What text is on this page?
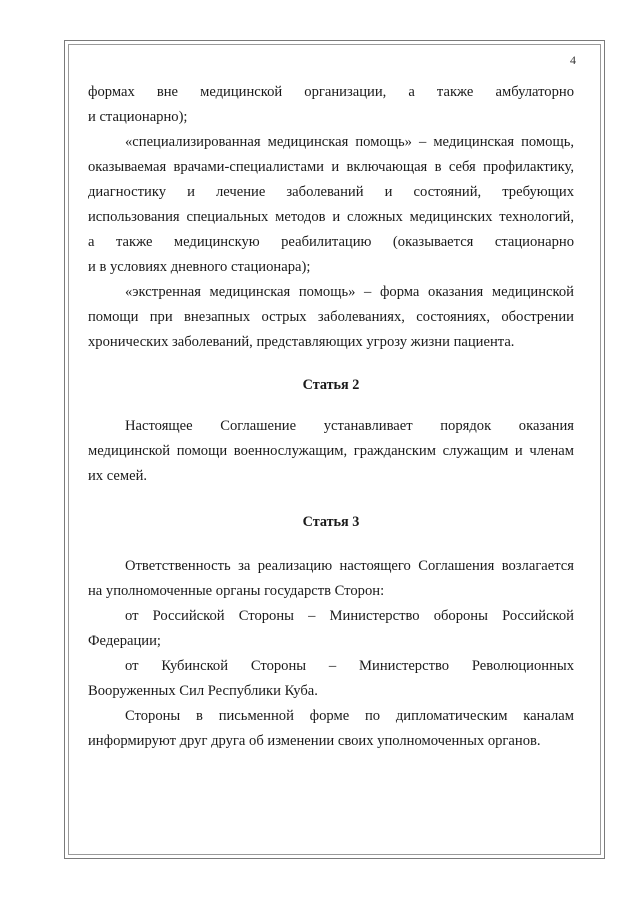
4

формах вне медицинской организации, а также амбулаторно

и стационарно);

«специализированная медицинская помощь» – медицинская помощь,

оказываемая врачами-специалистами и включающая в себя профилактику,

диагностику и лечение заболеваний и состояний, требующих

использования специальных методов и сложных медицинских технологий,

а также медицинскую реабилитацию (оказывается стационарно

и в условиях дневного стационара);

«экстренная медицинская помощь» – форма оказания медицинской

помощи при внезапных острых заболеваниях, состояниях, обострении

хронических заболеваний, представляющих угрозу жизни пациента.

Статья 2

Настоящее Соглашение устанавливает порядок оказания

медицинской помощи военнослужащим, гражданским служащим и членам

их семей.

Статья 3

Ответственность за реализацию настоящего Соглашения возлагается

на уполномоченные органы государств Сторон:

от Российской Стороны – Министерство обороны Российской

Федерации;

от Кубинской Стороны – Министерство Революционных

Вооруженных Сил Республики Куба.

Стороны в письменной форме по дипломатическим каналам

информируют друг друга об изменении своих уполномоченных органов.
